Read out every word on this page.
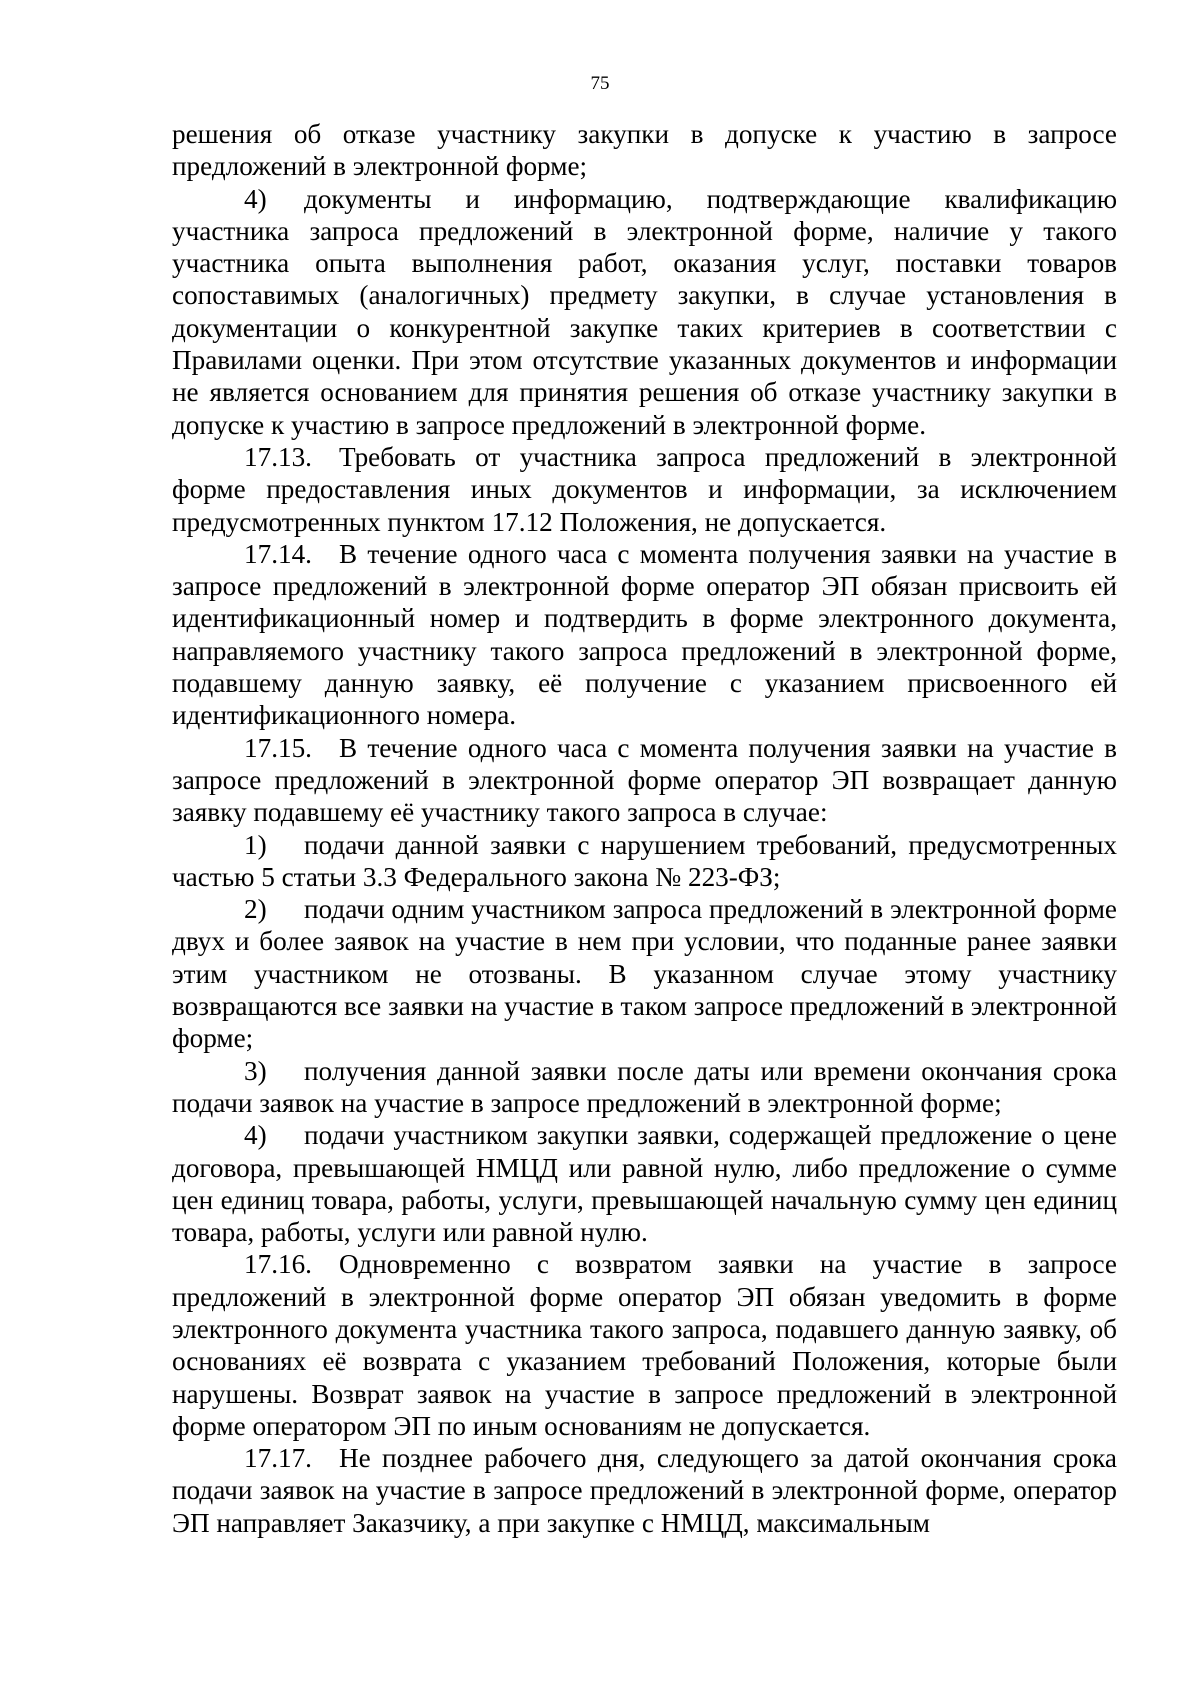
75

решения об отказе участнику закупки в допуске к участию в запросе предложений в электронной форме;

4) документы и информацию, подтверждающие квалификацию участника запроса предложений в электронной форме, наличие у такого участника опыта выполнения работ, оказания услуг, поставки товаров сопоставимых (аналогичных) предмету закупки, в случае установления в документации о конкурентной закупке таких критериев в соответствии с Правилами оценки. При этом отсутствие указанных документов и информации не является основанием для принятия решения об отказе участнику закупки в допуске к участию в запросе предложений в электронной форме.

17.13. Требовать от участника запроса предложений в электронной форме предоставления иных документов и информации, за исключением предусмотренных пунктом 17.12 Положения, не допускается.

17.14. В течение одного часа с момента получения заявки на участие в запросе предложений в электронной форме оператор ЭП обязан присвоить ей идентификационный номер и подтвердить в форме электронного документа, направляемого участнику такого запроса предложений в электронной форме, подавшему данную заявку, её получение с указанием присвоенного ей идентификационного номера.

17.15. В течение одного часа с момента получения заявки на участие в запросе предложений в электронной форме оператор ЭП возвращает данную заявку подавшему её участнику такого запроса в случае:

1) подачи данной заявки с нарушением требований, предусмотренных частью 5 статьи 3.3 Федерального закона № 223-ФЗ;

2) подачи одним участником запроса предложений в электронной форме двух и более заявок на участие в нем при условии, что поданные ранее заявки этим участником не отозваны. В указанном случае этому участнику возвращаются все заявки на участие в таком запросе предложений в электронной форме;

3) получения данной заявки после даты или времени окончания срока подачи заявок на участие в запросе предложений в электронной форме;

4) подачи участником закупки заявки, содержащей предложение о цене договора, превышающей НМЦД или равной нулю, либо предложение о сумме цен единиц товара, работы, услуги, превышающей начальную сумму цен единиц товара, работы, услуги или равной нулю.

17.16. Одновременно с возвратом заявки на участие в запросе предложений в электронной форме оператор ЭП обязан уведомить в форме электронного документа участника такого запроса, подавшего данную заявку, об основаниях её возврата с указанием требований Положения, которые были нарушены. Возврат заявок на участие в запросе предложений в электронной форме оператором ЭП по иным основаниям не допускается.

17.17. Не позднее рабочего дня, следующего за датой окончания срока подачи заявок на участие в запросе предложений в электронной форме, оператор ЭП направляет Заказчику, а при закупке с НМЦД, максимальным
